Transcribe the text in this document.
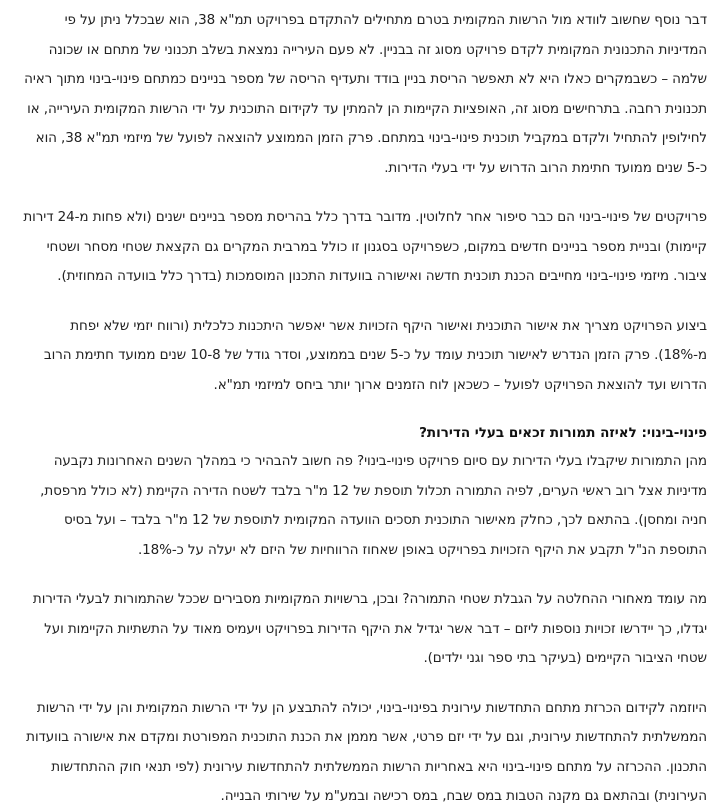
דבר נוסף שחשוב לוודא מול הרשות המקומית בטרם מתחילים להתקדם בפרויקט תמ"א 38, הוא שבכלל ניתן על פי המדיניות התכנונית המקומית לקדם פרויקט מסוג זה בבניין. לא פעם העירייה נמצאת בשלב תכנוני של מתחם או שכונה שלמה – כשבמקרים כאלו היא לא תאפשר הריסת בניין בודד ותעדיף הריסה של מספר בניינים כמתחם פינוי-בינוי מתוך ראיה תכנונית רחבה. בתרחישים מסוג זה, האופציות הקיימות הן להמתין עד לקידום התוכנית על ידי הרשות המקומית העירייה, או לחילופין להתחיל ולקדם במקביל תוכנית פינוי-בינוי במתחם. פרק הזמן הממוצע להוצאה לפועל של מיזמי תמ"א 38, הוא כ-5 שנים ממועד חתימת הרוב הדרוש על ידי בעלי הדירות.

פרויקטים של פינוי-בינוי הם כבר סיפור אחר לחלוטין. מדובר בדרך כלל בהריסת מספר בניינים ישנים (ולא פחות מ-24 דירות קיימות) ובניית מספר בניינים חדשים במקום, כשפרויקט בסגנון זו כולל במרבית המקרים גם הקצאת שטחי מסחר ושטחי ציבור. מיזמי פינוי-בינוי מחייבים הכנת תוכנית חדשה ואישורה בוועדות התכנון המוסמכות (בדרך כלל בוועדה המחוזית).

ביצוע הפרויקט מצריך את אישור התוכנית ואישור היקף הזכויות אשר יאפשר היתכנות כלכלית (ורווח יזמי שלא יפחת מ-18%). פרק הזמן הנדרש לאישור תוכנית עומד על כ-5 שנים בממוצע, וסדר גודל של 10-8 שנים ממועד חתימת הרוב הדרוש ועד להוצאת הפרויקט לפועל – כשכאן לוח הזמנים ארוך יותר ביחס למיזמי תמ"א.

פינוי-בינוי: לאיזה תמורות זכאים בעלי הדירות?

מהן התמורות שיקבלו בעלי הדירות עם סיום פרויקט פינוי-בינוי? פה חשוב להבהיר כי במהלך השנים האחרונות נקבעה מדיניות אצל רוב ראשי הערים, לפיה התמורה תכלול תוספת של 12 מ"ר בלבד לשטח הדירה הקיימת (לא כולל מרפסת, חניה ומחסן). בהתאם לכך, כחלק מאישור התוכנית תסכים הוועדה המקומית לתוספת של 12 מ"ר בלבד – ועל בסיס התוספת הנ"ל תקבע את היקף הזכויות בפרויקט באופן שאחוז הרווחיות של היזם לא יעלה על כ-18%.

מה עומד מאחורי ההחלטה על הגבלת שטחי התמורה? ובכן, ברשויות המקומיות מסבירים שככל שהתמורות לבעלי הדירות יגדלו, כך יידרשו זכויות נוספות ליזם – דבר אשר יגדיל את היקף הדירות בפרויקט ויעמיס מאוד על התשתיות הקיימות ועל שטחי הציבור הקיימים (בעיקר בתי ספר וגני ילדים).

היוזמה לקידום הכרזת מתחם התחדשות עירונית בפינוי-בינוי, יכולה להתבצע הן על ידי הרשות המקומית והן על ידי הרשות הממשלתית להתחדשות עירונית, וגם על ידי יזם פרטי, אשר מממן את הכנת התוכנית המפורטת ומקדם את אישורה בוועדות התכנון. ההכרזה על מתחם פינוי-בינוי היא באחריות הרשות הממשלתית להתחדשות עירונית (לפי תנאי חוק ההתחדשות העירונית) ובהתאם גם מקנה הטבות במס שבח, במס רכישה ובמע"מ על שירותי הבנייה.
